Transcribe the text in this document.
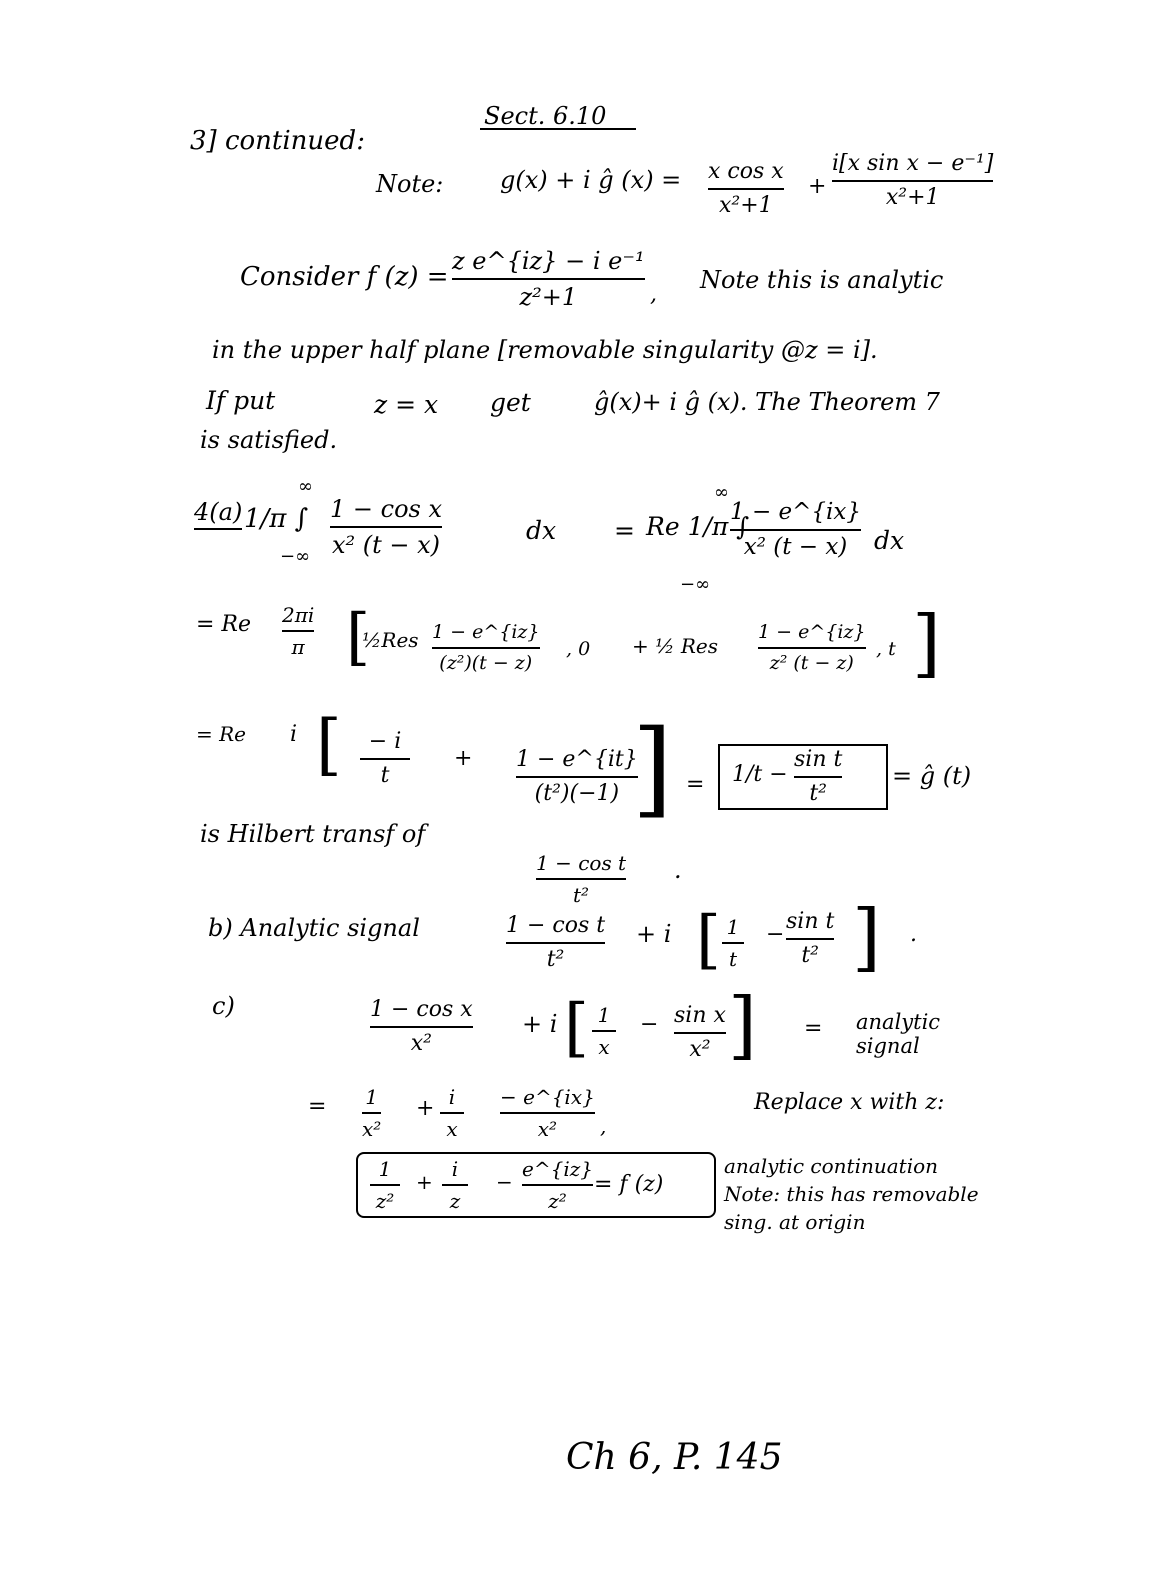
Sect. 6.10
3] continued:
Note: g(x) + i ĝ (x) = x cos x
x²+1
+
i[x sin x − e⁻¹]
x²+1
Consider f (z) =
z e^{iz} − i e⁻¹
z²+1	,
Note this is analytic
in the upper half plane [removable singularity @z = i].
If put	z = x get	ĝ(x)+ i ĝ (x). The Theorem 7
is satisfied.
4(a)
∞
1/π ∫
−∞
1 − cos x
x² (t − x)
dx =
∞
Re 1/π ∫
−∞
1 − e^{ix}
x² (t − x) dx
= Re 2πi
π [
½Res 1 − e^{iz}
(z²)(t − z)
, 0 + ½ Res
1 − e^{iz}
z² (t − z)
, t ]
= Re i [ − i
t
+ 1 − e^{it}
(t²)(−1) ] = 1/t −
sin t
t²
= ĝ (t)
is Hilbert transf of
1 − cos t
t²
.
b) Analytic signal	1 − cos t
t²
+ i [ 1
t
−
sin t
t² ] .
c)	1 − cos x
x²
+ i [ 1
x
− sin x
x² ] = analytic
signal
= 1
x²
+ i
x
− e^{ix}
x² ,
Replace x with z:
1
z²
+
i
z
−
e^{iz}
z²
= f (z)
analytic continuation
Note: this has removable
sing. at origin
Ch 6, P. 145
